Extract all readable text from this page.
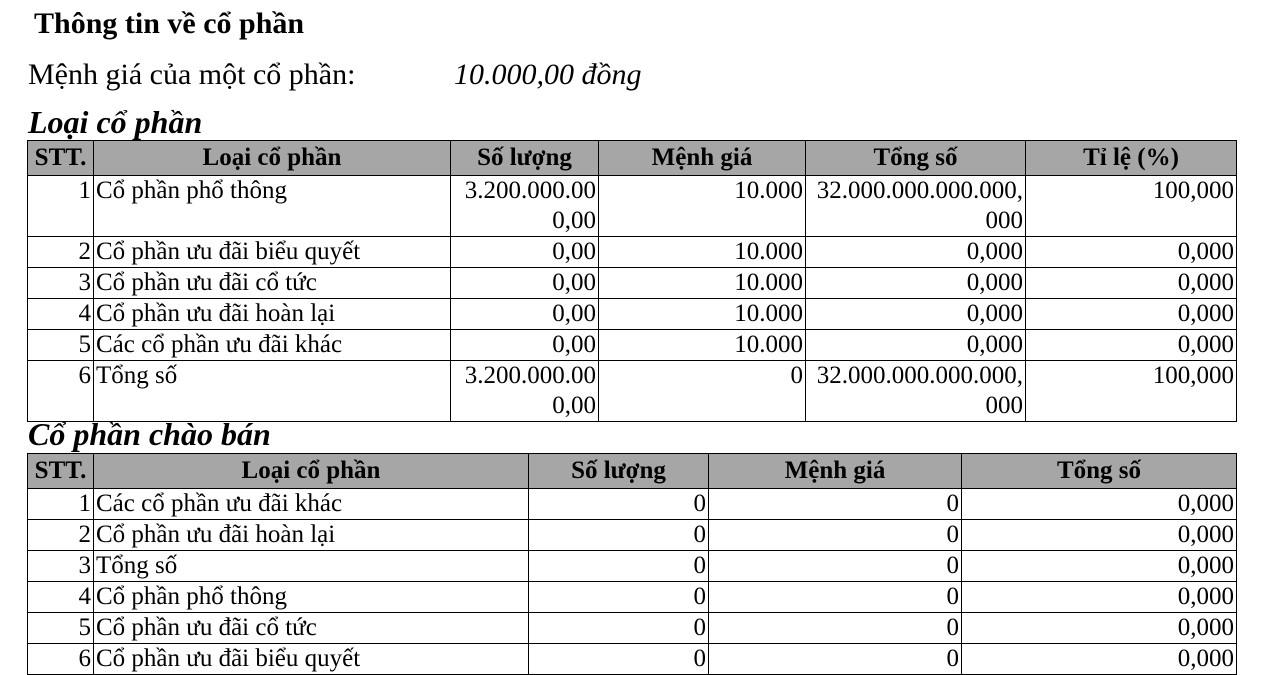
Thông tin về cổ phần
Mệnh giá của một cổ phần:	10.000,00 đồng
Loại cổ phần
STT.	Loại cổ phần	Số lượng	Mệnh giá	Tổng số	Tỉ lệ (%)
1	Cổ phần phổ thông	3.200.000.000,00	10.000	32.000.000.000.000,000	100,000
2	Cổ phần ưu đãi biểu quyết	0,00	10.000	0,000	0,000
3	Cổ phần ưu đãi cổ tức	0,00	10.000	0,000	0,000
4	Cổ phần ưu đãi hoàn lại	0,00	10.000	0,000	0,000
5	Các cổ phần ưu đãi khác	0,00	10.000	0,000	0,000
6	Tổng số	3.200.000.000,00	0	32.000.000.000.000,000	100,000
Cổ phần chào bán
STT.	Loại cổ phần	Số lượng	Mệnh giá	Tổng số
1	Các cổ phần ưu đãi khác	0	0	0,000
2	Cổ phần ưu đãi hoàn lại	0	0	0,000
3	Tổng số	0	0	0,000
4	Cổ phần phổ thông	0	0	0,000
5	Cổ phần ưu đãi cổ tức	0	0	0,000
6	Cổ phần ưu đãi biểu quyết	0	0	0,000
